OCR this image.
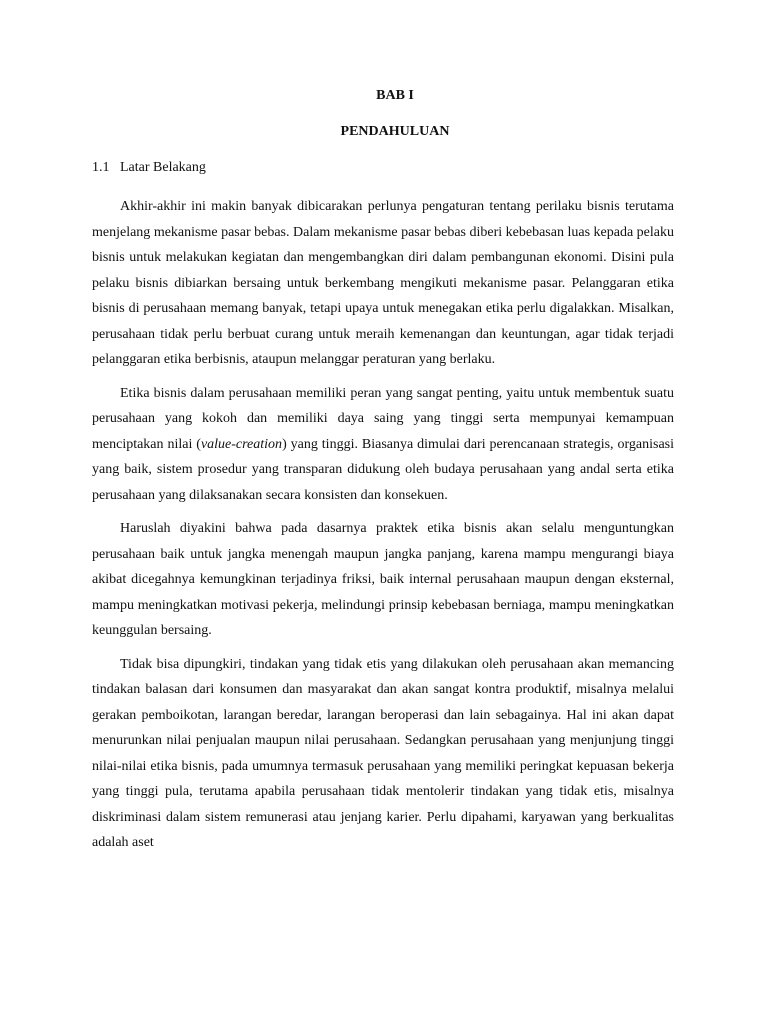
BAB I

PENDAHULUAN

1.1 Latar Belakang

Akhir-akhir ini makin banyak dibicarakan perlunya pengaturan tentang perilaku bisnis terutama menjelang mekanisme pasar bebas. Dalam mekanisme pasar bebas diberi kebebasan luas kepada pelaku bisnis untuk melakukan kegiatan dan mengembangkan diri dalam pembangunan ekonomi. Disini pula pelaku bisnis dibiarkan bersaing untuk berkembang mengikuti mekanisme pasar. Pelanggaran etika bisnis di perusahaan memang banyak, tetapi upaya untuk menegakan etika perlu digalakkan. Misalkan, perusahaan tidak perlu berbuat curang untuk meraih kemenangan dan keuntungan, agar tidak terjadi pelanggaran etika berbisnis, ataupun melanggar peraturan yang berlaku.

Etika bisnis dalam perusahaan memiliki peran yang sangat penting, yaitu untuk membentuk suatu perusahaan yang kokoh dan memiliki daya saing yang tinggi serta mempunyai kemampuan menciptakan nilai (value-creation) yang tinggi. Biasanya dimulai dari perencanaan strategis, organisasi yang baik, sistem prosedur yang transparan didukung oleh budaya perusahaan yang andal serta etika perusahaan yang dilaksanakan secara konsisten dan konsekuen.

Haruslah diyakini bahwa pada dasarnya praktek etika bisnis akan selalu menguntungkan perusahaan baik untuk jangka menengah maupun jangka panjang, karena mampu mengurangi biaya akibat dicegahnya kemungkinan terjadinya friksi, baik internal perusahaan maupun dengan eksternal, mampu meningkatkan motivasi pekerja, melindungi prinsip kebebasan berniaga, mampu meningkatkan keunggulan bersaing.

Tidak bisa dipungkiri, tindakan yang tidak etis yang dilakukan oleh perusahaan akan memancing tindakan balasan dari konsumen dan masyarakat dan akan sangat kontra produktif, misalnya melalui gerakan pemboikotan, larangan beredar, larangan beroperasi dan lain sebagainya. Hal ini akan dapat menurunkan nilai penjualan maupun nilai perusahaan. Sedangkan perusahaan yang menjunjung tinggi nilai-nilai etika bisnis, pada umumnya termasuk perusahaan yang memiliki peringkat kepuasan bekerja yang tinggi pula, terutama apabila perusahaan tidak mentolerir tindakan yang tidak etis, misalnya diskriminasi dalam sistem remunerasi atau jenjang karier. Perlu dipahami, karyawan yang berkualitas adalah aset
